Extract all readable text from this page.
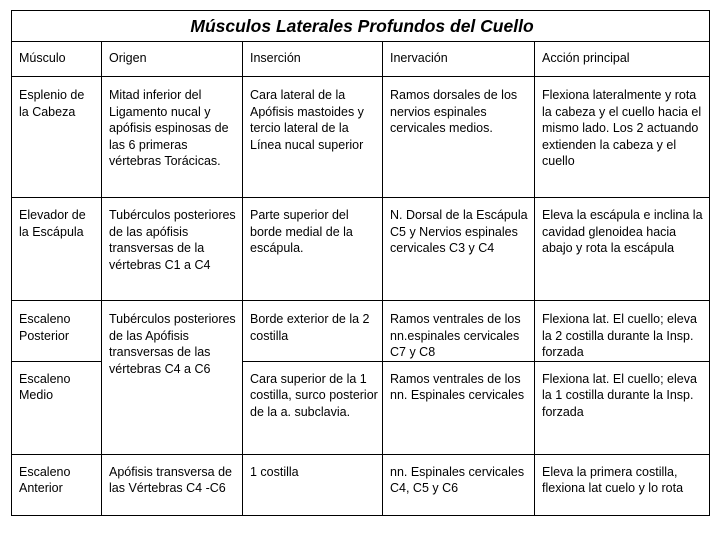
Músculos Laterales Profundos del Cuello				
Músculo	Origen	Inserción	Inervación	Acción principal
Esplenio de la Cabeza	Mitad inferior del Ligamento nucal y apófisis espinosas de las 6 primeras vértebras Torácicas.	Cara lateral de la Apófisis mastoides y tercio lateral de la Línea nucal superior	Ramos dorsales de los nervios espinales cervicales medios.	Flexiona lateralmente y rota la cabeza y el cuello hacia el mismo lado. Los 2 actuando extienden la cabeza y el cuello
Elevador de la Escápula	Tubérculos posteriores de las apófisis transversas de la vértebras C1 a C4	Parte superior del borde medial de la escápula.	N. Dorsal de la Escápula C5 y Nervios espinales cervicales C3 y C4	Eleva la escápula e inclina la cavidad glenoidea hacia abajo y rota la escápula
Escaleno Posterior	Tubérculos posteriores de las Apófisis transversas de las vértebras C4 a C6	Borde exterior de la 2 costilla	Ramos ventrales de los nn.espinales cervicales C7 y C8	Flexiona lat. El cuello; eleva la 2 costilla durante la Insp. forzada
Escaleno Medio		Cara superior de la 1 costilla, surco posterior de la a. subclavia.	Ramos ventrales de los nn. Espinales cervicales	Flexiona lat. El cuello; eleva la 1 costilla durante la Insp. forzada
Escaleno Anterior	Apófisis transversa de las Vértebras C4 -C6	1 costilla	nn. Espinales cervicales C4, C5 y C6	Eleva la primera costilla, flexiona lat cuelo y lo rota
